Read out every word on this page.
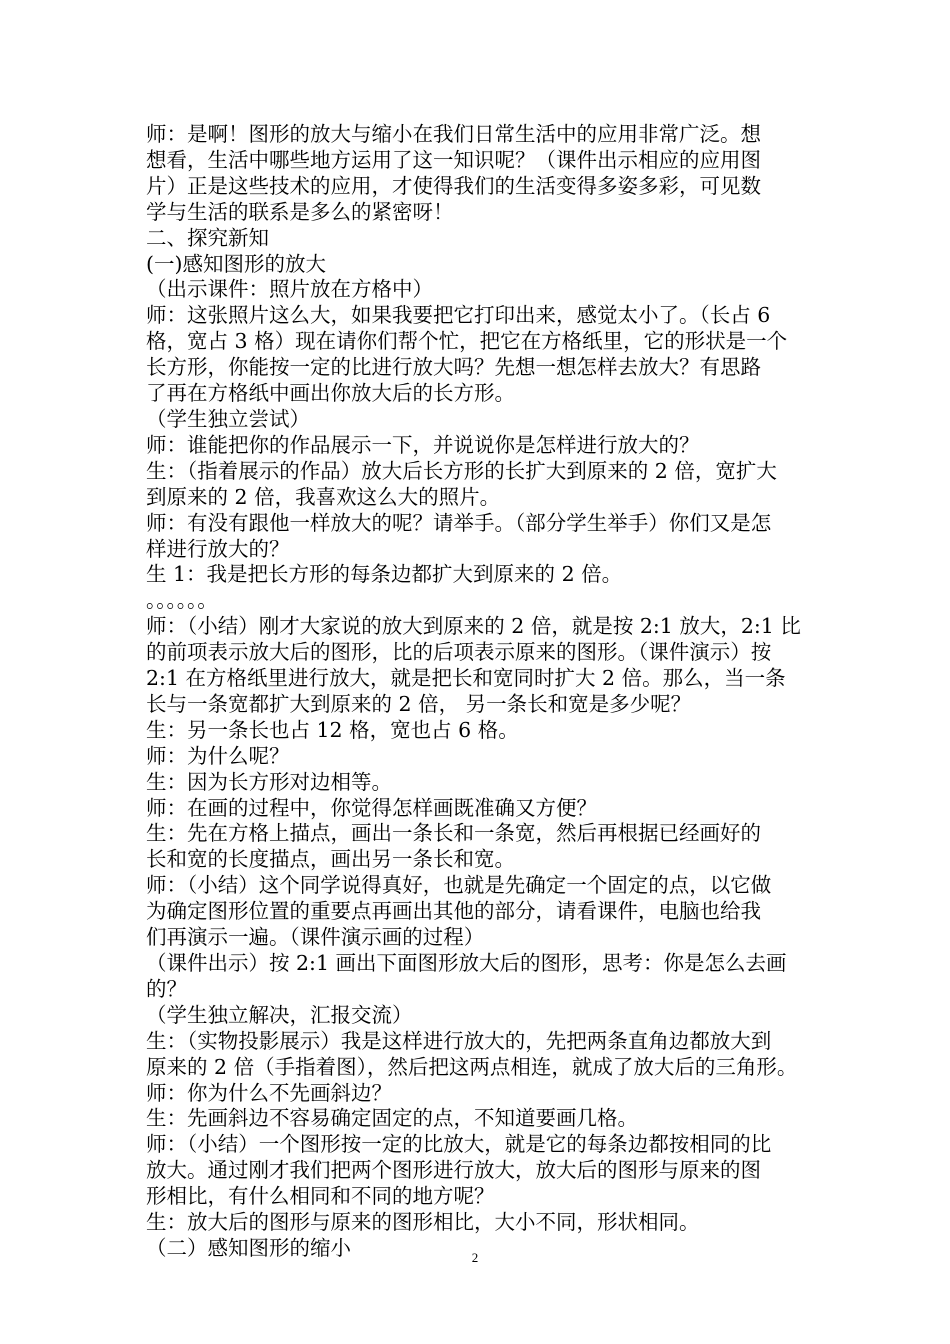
师：是啊！图形的放大与缩小在我们日常生活中的应用非常广泛。想

想看，生活中哪些地方运用了这一知识呢？（课件出示相应的应用图

片）正是这些技术的应用，才使得我们的生活变得多姿多彩，可见数

学与生活的联系是多么的紧密呀！

二、探究新知

(一)感知图形的放大

（出示课件：照片放在方格中）

师：这张照片这么大，如果我要把它打印出来，感觉太小了。（长占 6

格，宽占 3 格）现在请你们帮个忙，把它在方格纸里，它的形状是一个

长方形，你能按一定的比进行放大吗？先想一想怎样去放大？有思路

了再在方格纸中画出你放大后的长方形。

（学生独立尝试）

师：谁能把你的作品展示一下，并说说你是怎样进行放大的？

生：（指着展示的作品）放大后长方形的长扩大到原来的 2 倍，宽扩大

到原来的 2 倍，我喜欢这么大的照片。

师：有没有跟他一样放大的呢？请举手。（部分学生举手）你们又是怎

样进行放大的？

生 1：我是把长方形的每条边都扩大到原来的 2 倍。

。。。。。。

师：（小结）刚才大家说的放大到原来的 2 倍，就是按 2:1 放大，2:1 比

的前项表示放大后的图形，比的后项表示原来的图形。（课件演示）按

2:1 在方格纸里进行放大，就是把长和宽同时扩大 2 倍。那么，当一条

长与一条宽都扩大到原来的 2 倍， 另一条长和宽是多少呢？

生：另一条长也占 12 格，宽也占 6 格。

师：为什么呢？

生：因为长方形对边相等。

师：在画的过程中，你觉得怎样画既准确又方便？

生：先在方格上描点，画出一条长和一条宽，然后再根据已经画好的

长和宽的长度描点，画出另一条长和宽。

师：（小结）这个同学说得真好，也就是先确定一个固定的点，以它做

为确定图形位置的重要点再画出其他的部分，请看课件，电脑也给我

们再演示一遍。（课件演示画的过程）

（课件出示）按 2:1 画出下面图形放大后的图形，思考：你是怎么去画

的？

（学生独立解决，汇报交流）

生：（实物投影展示）我是这样进行放大的，先把两条直角边都放大到

原来的 2 倍（手指着图），然后把这两点相连，就成了放大后的三角形。

师：你为什么不先画斜边？

生：先画斜边不容易确定固定的点，不知道要画几格。

师：（小结）一个图形按一定的比放大，就是它的每条边都按相同的比

放大。通过刚才我们把两个图形进行放大，放大后的图形与原来的图

形相比，有什么相同和不同的地方呢？

生：放大后的图形与原来的图形相比，大小不同，形状相同。

（二）感知图形的缩小	2
